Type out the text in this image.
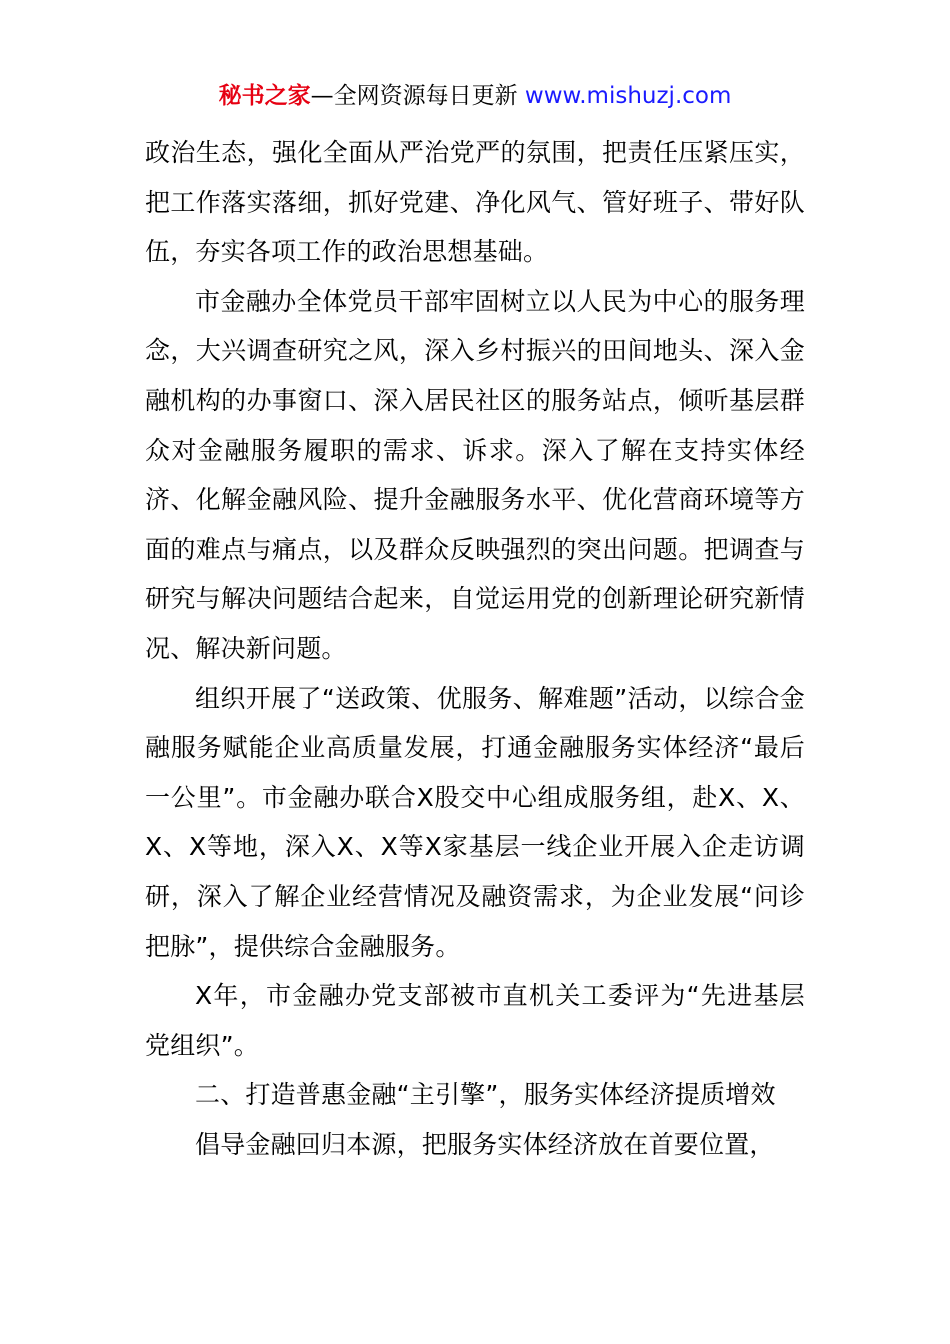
秘书之家—全网资源每日更新 www.mishuzj.com

政治生态，强化全面从严治党严的氛围，把责任压紧压实，把工作落实落细，抓好党建、净化风气、管好班子、带好队伍，夯实各项工作的政治思想基础。

市金融办全体党员干部牢固树立以人民为中心的服务理念，大兴调查研究之风，深入乡村振兴的田间地头、深入金融机构的办事窗口、深入居民社区的服务站点，倾听基层群众对金融服务履职的需求、诉求。深入了解在支持实体经济、化解金融风险、提升金融服务水平、优化营商环境等方面的难点与痛点，以及群众反映强烈的突出问题。把调查与研究与解决问题结合起来，自觉运用党的创新理论研究新情况、解决新问题。

组织开展了“送政策、优服务、解难题”活动，以综合金融服务赋能企业高质量发展，打通金融服务实体经济“最后一公里”。市金融办联合X股交中心组成服务组，赴X、X、X、X等地，深入X、X等X家基层一线企业开展入企走访调研，深入了解企业经营情况及融资需求，为企业发展“问诊把脉”，提供综合金融服务。

X年，市金融办党支部被市直机关工委评为“先进基层党组织”。

二、打造普惠金融“主引擎”，服务实体经济提质增效

倡导金融回归本源，把服务实体经济放在首要位置，
